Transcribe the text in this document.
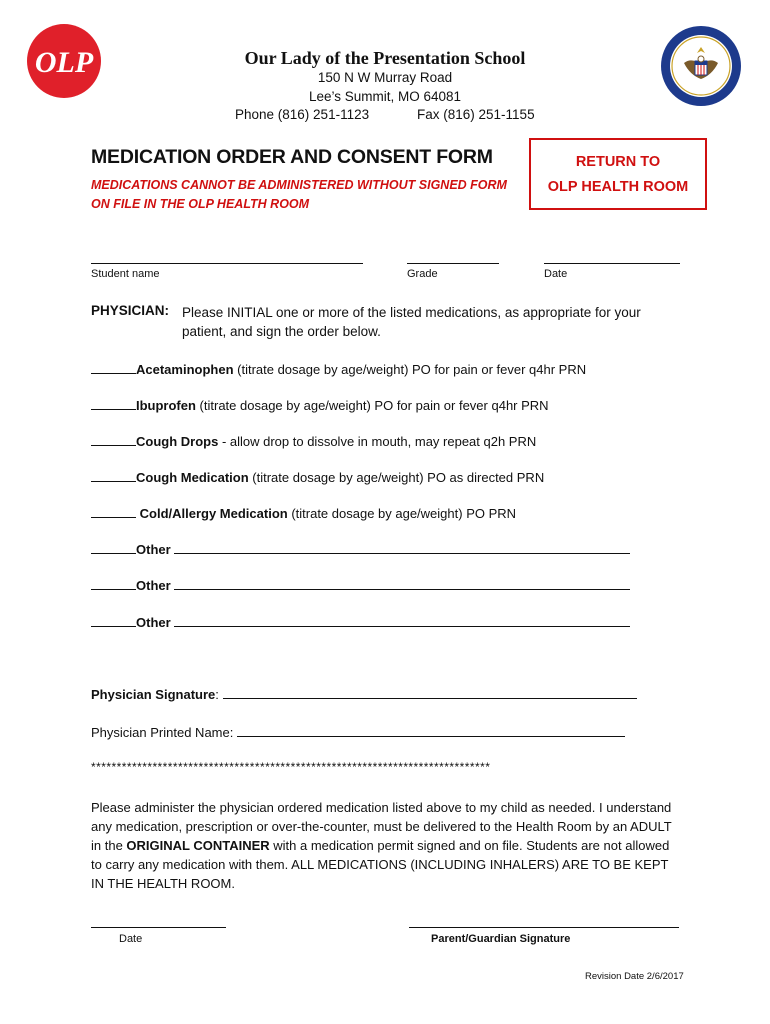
OLP	Our Lady of the Presentation School
150 N W Murray Road
Lee’s Summit, MO 64081
Phone (816) 251-1123	Fax (816) 251-1155
MEDICATION ORDER AND CONSENT FORM
MEDICATIONS CANNOT BE ADMINISTERED WITHOUT SIGNED FORM ON FILE IN THE OLP HEALTH ROOM
RETURN TO
OLP HEALTH ROOM
Student name	Grade	Date
PHYSICIAN: Please INITIAL one or more of the listed medications, as appropriate for your patient, and sign the order below.
Acetaminophen (titrate dosage by age/weight) PO for pain or fever q4hr PRN
Ibuprofen (titrate dosage by age/weight) PO for pain or fever q4hr PRN
Cough Drops - allow drop to dissolve in mouth, may repeat q2h PRN
Cough Medication (titrate dosage by age/weight) PO as directed PRN
Cold/Allergy Medication (titrate dosage by age/weight) PO PRN
Other
Other
Other
Physician Signature:
Physician Printed Name:
******************************************************************************
Please administer the physician ordered medication listed above to my child as needed. I understand any medication, prescription or over-the-counter, must be delivered to the Health Room by an ADULT in the ORIGINAL CONTAINER with a medication permit signed and on file. Students are not allowed to carry any medication with them. ALL MEDICATIONS (INCLUDING INHALERS) ARE TO BE KEPT IN THE HEALTH ROOM.
Date	Parent/Guardian Signature
Revision Date 2/6/2017
